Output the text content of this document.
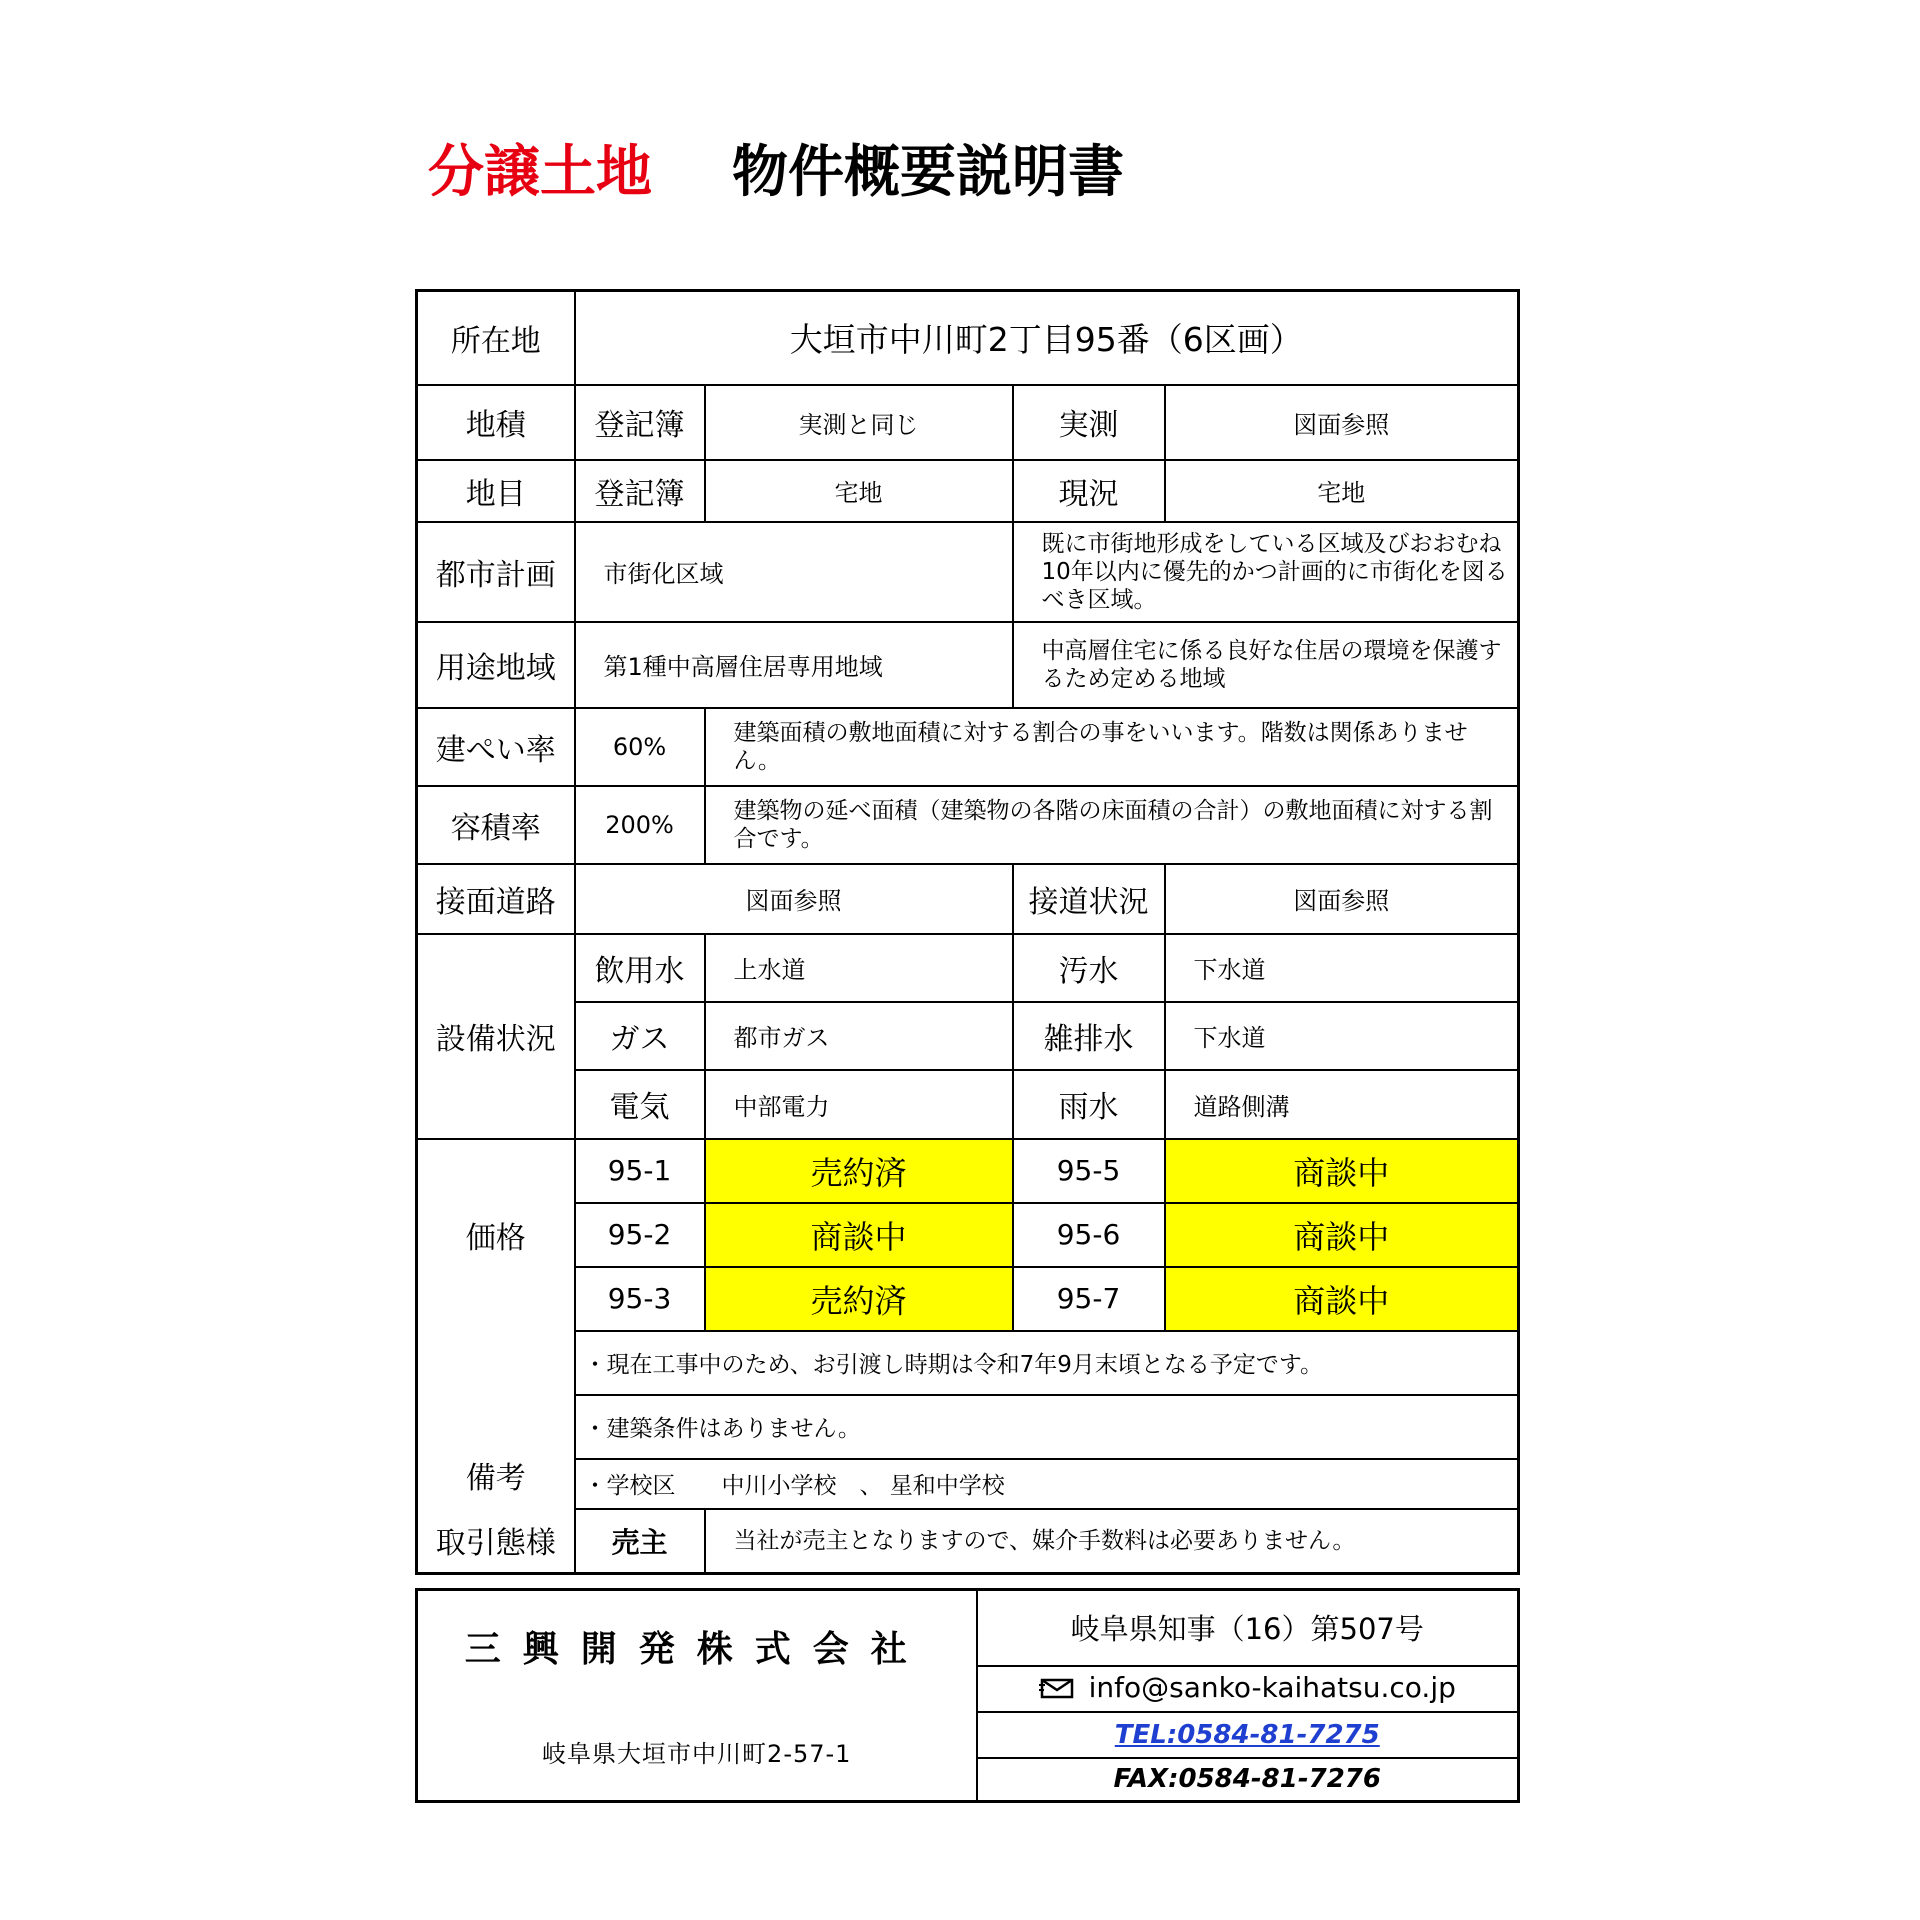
分譲土地 物件概要説明書
所在地	大垣市中川町2丁目95番（6区画）			
地積	登記簿	実測と同じ	実測	図面参照
地目	登記簿	宅地	現況	宅地
都市計画	市街化区域		既に市街地形成をしている区域及びおおむね10年以内に優先的かつ計画的に市街化を図るべき区域。	
用途地域	第1種中高層住居専用地域		中高層住宅に係る良好な住居の環境を保護するため定める地域	
建ぺい率	60%	建築面積の敷地面積に対する割合の事をいいます。階数は関係ありません。		
容積率	200%	建築物の延べ面積（建築物の各階の床面積の合計）の敷地面積に対する割合です。		
接面道路	図面参照		接道状況	図面参照
設備状況	飲用水	上水道	汚水	下水道
	ガス	都市ガス	雑排水	下水道
	電気	中部電力	雨水	道路側溝
価格	95-1	売約済	95-5	商談中
	95-2	商談中	95-6	商談中
	95-3	売約済	95-7	商談中
備考	・現在工事中のため、お引渡し時期は令和7年9月末頃となる予定です。			
	・建築条件はありません。			
	・学校区　　中川小学校　、 星和中学校			
取引態様	売主	当社が売主となりますので、媒介手数料は必要ありません。		
三興開発株式会社
岐阜県大垣市中川町2-57-1
	岐阜県知事（16）第507号
info@sanko-kaihatsu.co.jp
TEL:0584-81-7275
FAX:0584-81-7276
